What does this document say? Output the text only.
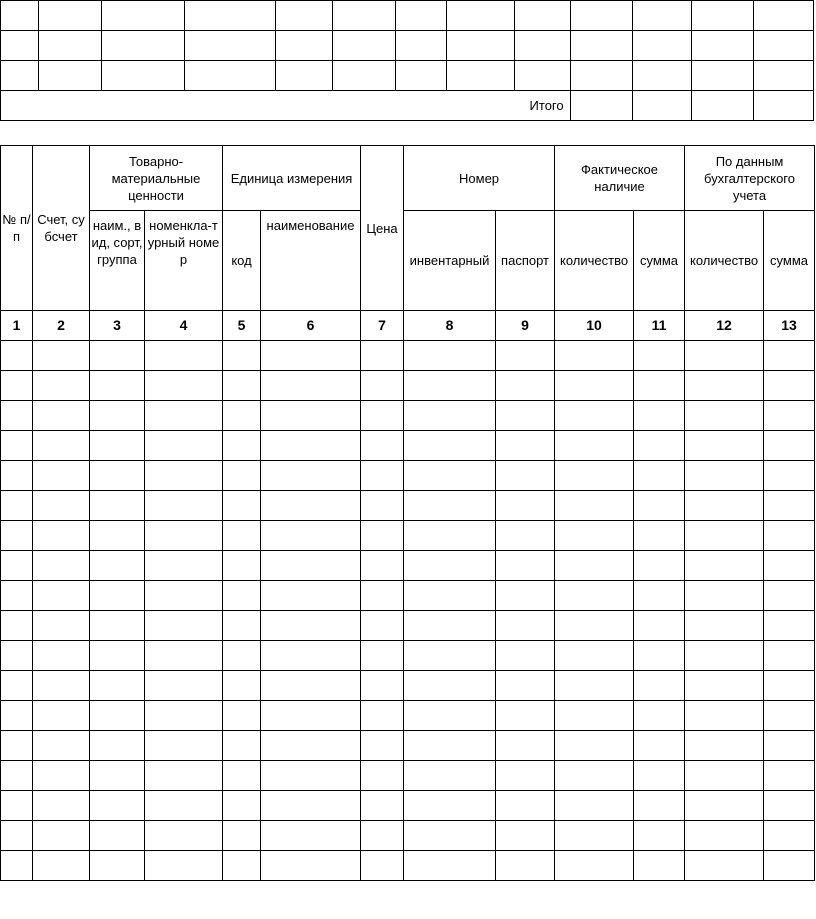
Итого												
№ п/п	Счет, субсчет	Товарно-материальные ценности		Единица измерения		Цена	Номер		Фактическое наличие		По данным бухгалтерского учета	
		наим., вид, сорт, группа	номенкла-турный номер	код	наименование		инвентарный	паспорт	количество	сумма	количество	сумма
1	2	3	4	5	6	7	8	9	10	11	12	13
